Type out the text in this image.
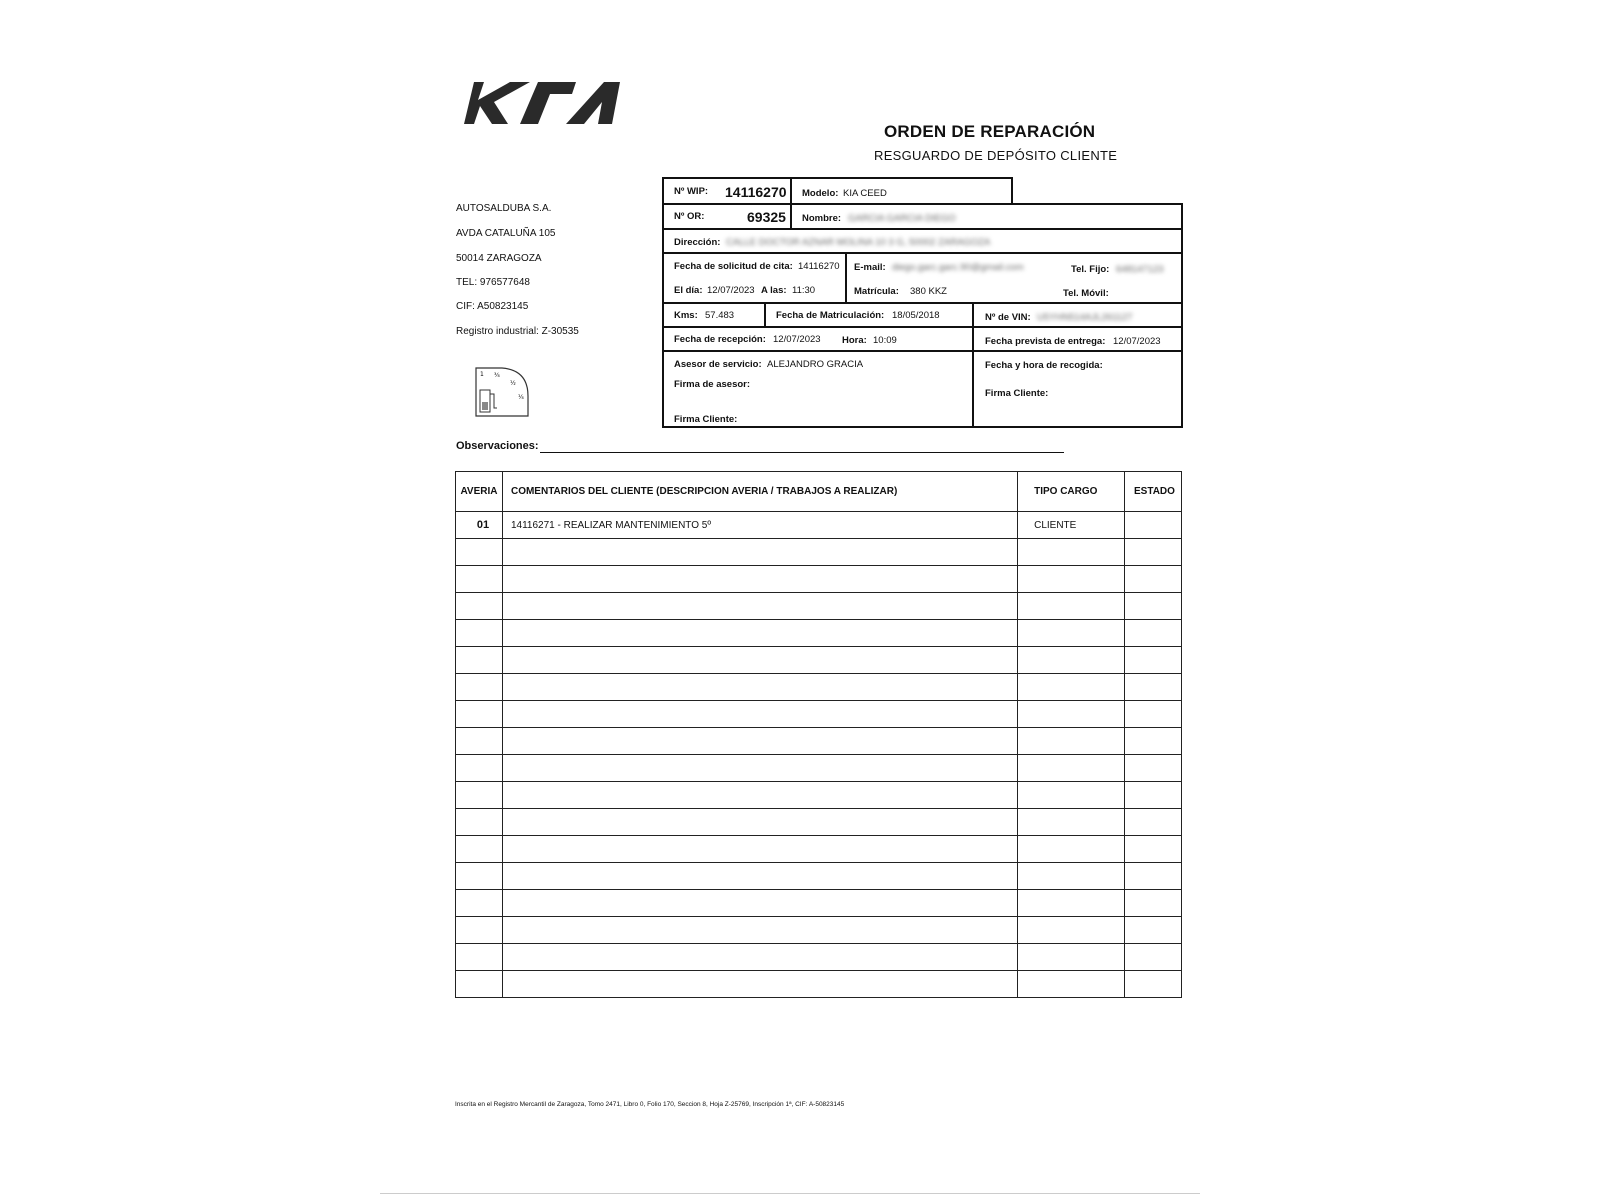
ORDEN DE REPARACIÓN
RESGUARDO DE DEPÓSITO CLIENTE
AUTOSALDUBA S.A.
AVDA CATALUÑA 105
50014 ZARAGOZA
TEL: 976577648
CIF: A50823145
Registro industrial: Z-30535
1 ¾
½
¼
Nº WIP: 14116270 Modelo: KIA CEED
Nº OR:	69325 Nombre: GARCIA GARCIA DIEGO
Dirección: CALLE DOCTOR AZNAR MOLINA 10 3 G, 50002 ZARAGOZA
Fecha de solicitud de cita: 14116270 E-mail: diego.garc.garc.90@gmail.com	Tel. Fijo: 648147123
El día: 12/07/2023 A las: 11:30	Matrícula: 380 KKZ	Tel. Móvil:
Kms: 57.483	Fecha de Matriculación: 18/05/2018	Nº de VIN: U5YHN514AJL261127
Fecha de recepción: 12/07/2023 Hora: 10:09	Fecha prevista de entrega: 12/07/2023
Asesor de servicio: ALEJANDRO GRACIA
Firma de asesor:
Firma Cliente:
Fecha y hora de recogida:
Firma Cliente:
Observaciones:
AVERIA	COMENTARIOS DEL CLIENTE (DESCRIPCION AVERIA / TRABAJOS A REALIZAR)	TIPO CARGO	ESTADO
01	14116271 - REALIZAR MANTENIMIENTO 5º	CLIENTE	

Inscrita en el Registro Mercantil de Zaragoza, Tomo 2471, Libro 0, Folio 170, Seccion 8, Hoja Z-25769, Inscripción 1ª, CIF: A-50823145
